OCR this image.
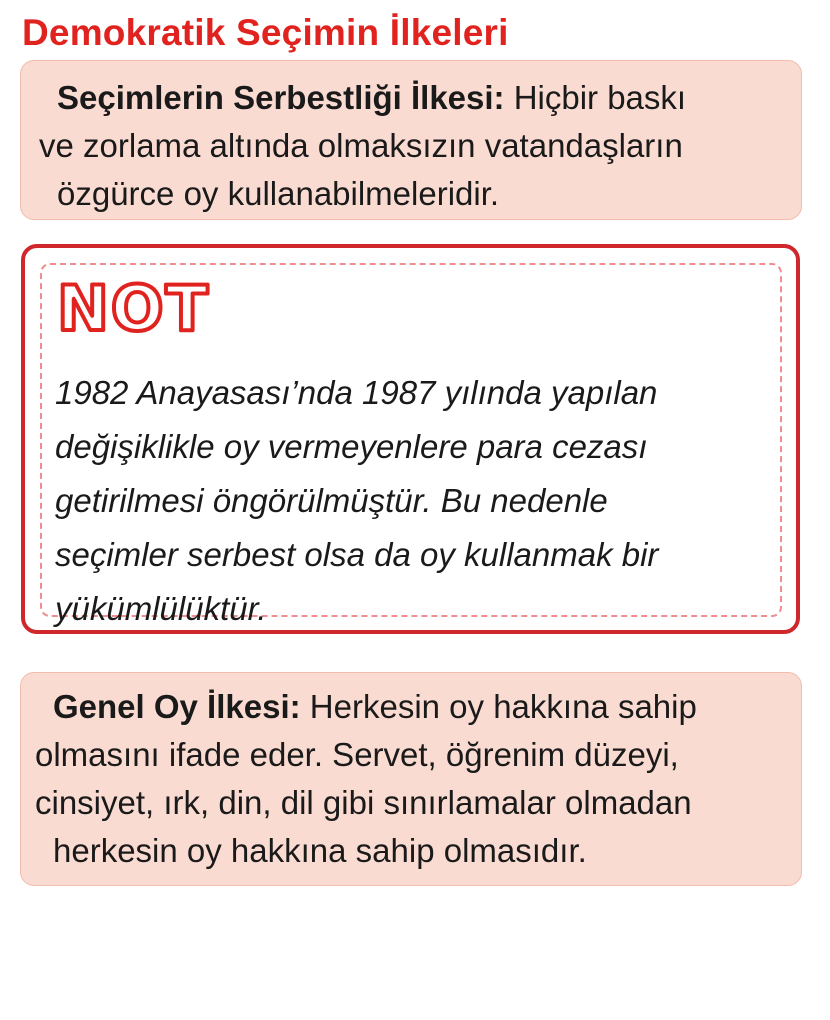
Demokratik Seçimin İlkeleri
Seçimlerin Serbestliği İlkesi: Hiçbir baskı
ve zorlama altında olmaksızın vatandaşların
özgürce oy kullanabilmeleridir.
NOT
1982 Anayasası’nda 1987 yılında yapılan
değişiklikle oy vermeyenlere para cezası
getirilmesi öngörülmüştür. Bu nedenle
seçimler serbest olsa da oy kullanmak bir
yükümlülüktür.
Genel Oy İlkesi: Herkesin oy hakkına sahip
olmasını ifade eder. Servet, öğrenim düzeyi,
cinsiyet, ırk, din, dil gibi sınırlamalar olmadan
herkesin oy hakkına sahip olmasıdır.
